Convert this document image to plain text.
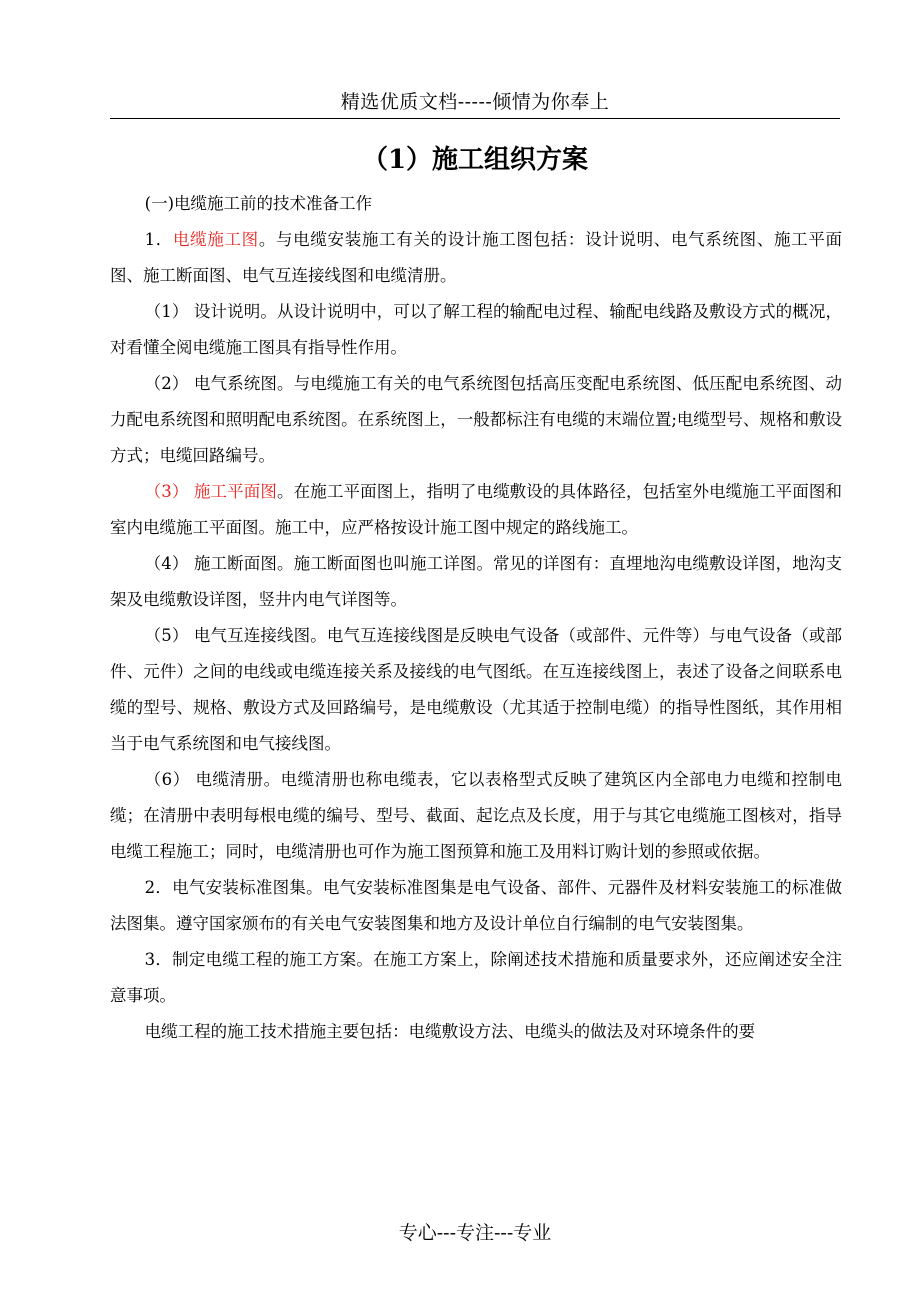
精选优质文档-----倾情为你奉上
（1）施工组织方案

(一)电缆施工前的技术准备工作

1．电缆施工图。与电缆安装施工有关的设计施工图包括：设计说明、电气系统图、施工平面图、施工断面图、电气互连接线图和电缆清册。

（1） 设计说明。从设计说明中，可以了解工程的输配电过程、输配电线路及敷设方式的概况，对看懂全阅电缆施工图具有指导性作用。

（2） 电气系统图。与电缆施工有关的电气系统图包括高压变配电系统图、低压配电系统图、动力配电系统图和照明配电系统图。在系统图上，一般都标注有电缆的末端位置;电缆型号、规格和敷设方式；电缆回路编号。

（3） 施工平面图。在施工平面图上，指明了电缆敷设的具体路径，包括室外电缆施工平面图和室内电缆施工平面图。施工中，应严格按设计施工图中规定的路线施工。

（4） 施工断面图。施工断面图也叫施工详图。常见的详图有：直埋地沟电缆敷设详图，地沟支架及电缆敷设详图，竖井内电气详图等。

（5） 电气互连接线图。电气互连接线图是反映电气设备（或部件、元件等）与电气设备（或部件、元件）之间的电线或电缆连接关系及接线的电气图纸。在互连接线图上，表述了设备之间联系电缆的型号、规格、敷设方式及回路编号，是电缆敷设（尤其适于控制电缆）的指导性图纸，其作用相当于电气系统图和电气接线图。

（6） 电缆清册。电缆清册也称电缆表，它以表格型式反映了建筑区内全部电力电缆和控制电缆；在清册中表明每根电缆的编号、型号、截面、起讫点及长度，用于与其它电缆施工图核对，指导电缆工程施工；同时，电缆清册也可作为施工图预算和施工及用料订购计划的参照或依据。

2．电气安装标准图集。电气安装标准图集是电气设备、部件、元器件及材料安装施工的标准做法图集。遵守国家颁布的有关电气安装图集和地方及设计单位自行编制的电气安装图集。

3．制定电缆工程的施工方案。在施工方案上，除阐述技术措施和质量要求外，还应阐述安全注意事项。

电缆工程的施工技术措施主要包括：电缆敷设方法、电缆头的做法及对环境条件的要

专心---专注---专业
